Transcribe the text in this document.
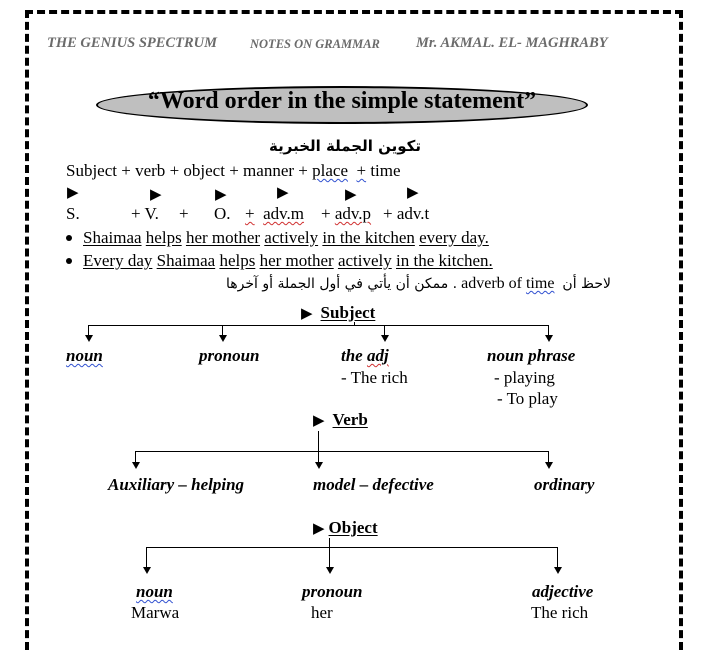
THE GENIUS SPECTRUM	NOTES ON GRAMMAR Mr. AKMAL. EL- MAGHRABY
“Word order in the simple statement”
تكوين الجملة الخبرية
Subject + verb + object + manner + place + time
▶	▶	▶	▶	▶	▶
S.	+ V. + O. + adv.m + adv.p + adv.t
Shaimaa helps her mother actively in the kitchen every day.
Every day Shaimaa helps her mother actively in the kitchen.
ممكن أن يأتي في أول الجملة أو آخرها . adverb of time لاحظ أن
▶ Subject
noun	pronoun	the adj
- The rich
noun phrase
- playing
- To play
▶ Verb
Auxiliary – helping	model – defective	ordinary
▶ Object
noun
Marwa
pronoun
her
adjective
The rich
